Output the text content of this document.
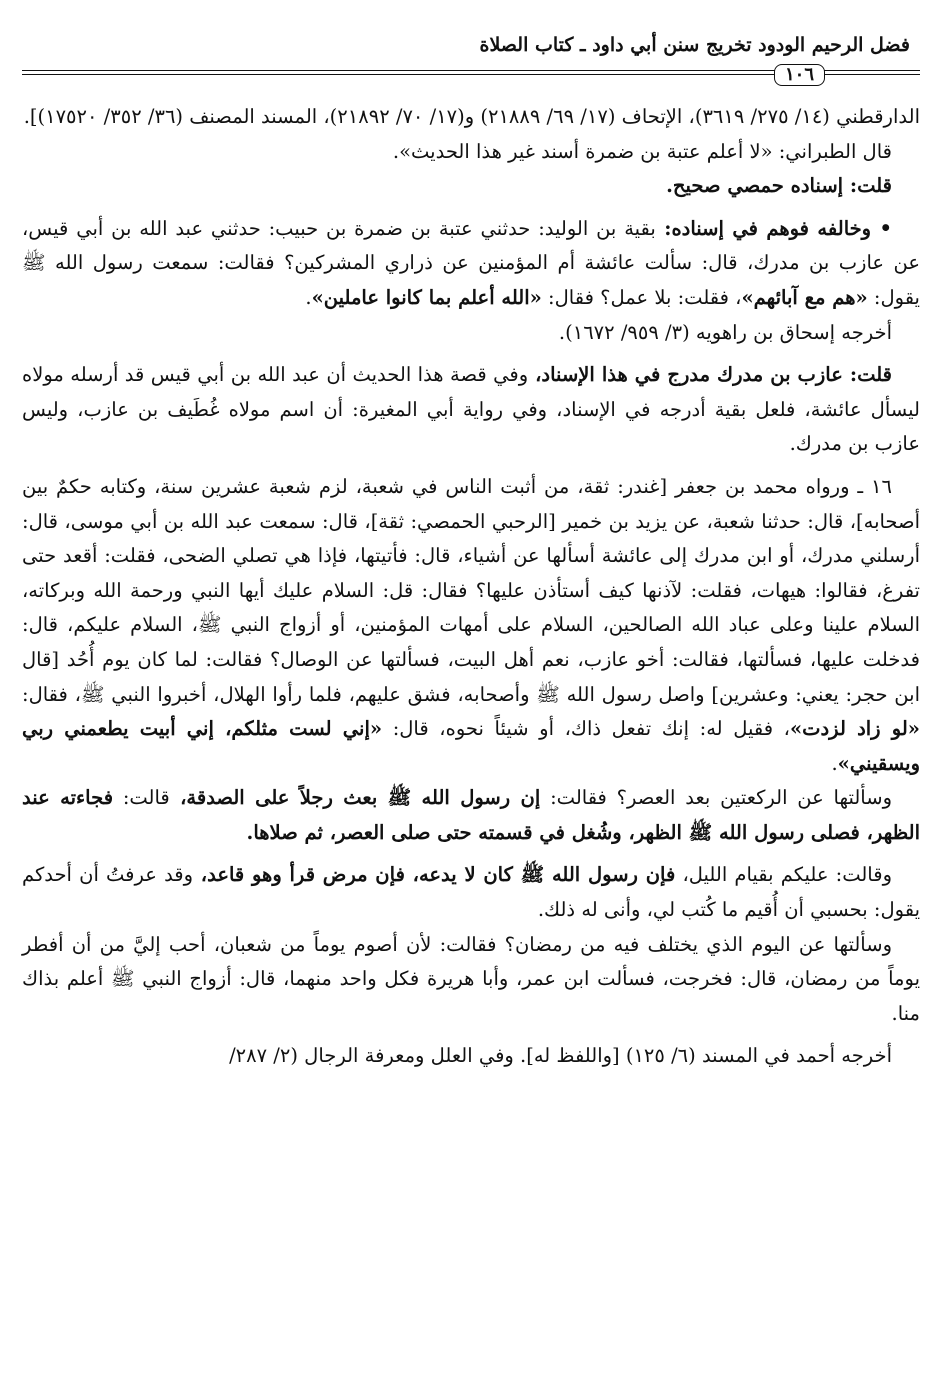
فضل الرحيم الودود تخريج سنن أبي داود ـ كتاب الصلاة
١٠٦

الدارقطني (١٤/ ٢٧٥/ ٣٦١٩)، الإتحاف (١٧/ ٦٩/ ٢١٨٨٩) و(١٧/ ٧٠/ ٢١٨٩٢)، المسند المصنف (٣٦/ ٣٥٢/ ١٧٥٢٠)].

قال الطبراني: «لا أعلم عتبة بن ضمرة أسند غير هذا الحديث».

قلت: إسناده حمصي صحيح.

• وخالفه فوهم في إسناده: بقية بن الوليد: حدثني عتبة بن ضمرة بن حبيب: حدثني عبد الله بن أبي قيس، عن عازب بن مدرك، قال: سألت عائشة أم المؤمنين عن ذراري المشركين؟ فقالت: سمعت رسول الله ﷺ يقول: «هم مع آبائهم»، فقلت: بلا عمل؟ فقال: «الله أعلم بما كانوا عاملين».

أخرجه إسحاق بن راهويه (٣/ ٩٥٩/ ١٦٧٢).

قلت: عازب بن مدرك مدرج في هذا الإسناد، وفي قصة هذا الحديث أن عبد الله بن أبي قيس قد أرسله مولاه ليسأل عائشة، فلعل بقية أدرجه في الإسناد، وفي رواية أبي المغيرة: أن اسم مولاه غُطَيف بن عازب، وليس عازب بن مدرك.

١٦ ـ ورواه محمد بن جعفر [غندر: ثقة، من أثبت الناس في شعبة، لزم شعبة عشرين سنة، وكتابه حكمٌ بين أصحابه]، قال: حدثنا شعبة، عن يزيد بن خمير [الرحبي الحمصي: ثقة]، قال: سمعت عبد الله بن أبي موسى، قال: أرسلني مدرك، أو ابن مدرك إلى عائشة أسألها عن أشياء، قال: فأتيتها، فإذا هي تصلي الضحى، فقلت: أقعد حتى تفرغ، فقالوا: هيهات، فقلت: لآذنها كيف أستأذن عليها؟ فقال: قل: السلام عليك أيها النبي ورحمة الله وبركاته، السلام علينا وعلى عباد الله الصالحين، السلام على أمهات المؤمنين، أو أزواج النبي ﷺ، السلام عليكم، قال: فدخلت عليها، فسألتها، فقالت: أخو عازب، نعم أهل البيت، فسألتها عن الوصال؟ فقالت: لما كان يوم أُحُد [قال ابن حجر: يعني: وعشرين] واصل رسول الله ﷺ وأصحابه، فشق عليهم، فلما رأوا الهلال، أخبروا النبي ﷺ، فقال: «لو زاد لزدت»، فقيل له: إنك تفعل ذاك، أو شيئاً نحوه، قال: «إني لست مثلكم، إني أبيت يطعمني ربي ويسقيني».

وسألتها عن الركعتين بعد العصر؟ فقالت: إن رسول الله ﷺ بعث رجلاً على الصدقة، قالت: فجاءته عند الظهر، فصلى رسول الله ﷺ الظهر، وشُغل في قسمته حتى صلى العصر، ثم صلاها.

وقالت: عليكم بقيام الليل، فإن رسول الله ﷺ كان لا يدعه، فإن مرض قرأ وهو قاعد، وقد عرفتُ أن أحدكم يقول: بحسبي أن أُقيم ما كُتب لي، وأنى له ذلك.

وسألتها عن اليوم الذي يختلف فيه من رمضان؟ فقالت: لأن أصوم يوماً من شعبان، أحب إليَّ من أن أفطر يوماً من رمضان، قال: فخرجت، فسألت ابن عمر، وأبا هريرة فكل واحد منهما، قال: أزواج النبي ﷺ أعلم بذاك منا.

أخرجه أحمد في المسند (٦/ ١٢٥) [واللفظ له]. وفي العلل ومعرفة الرجال (٢/ ٢٨٧/
